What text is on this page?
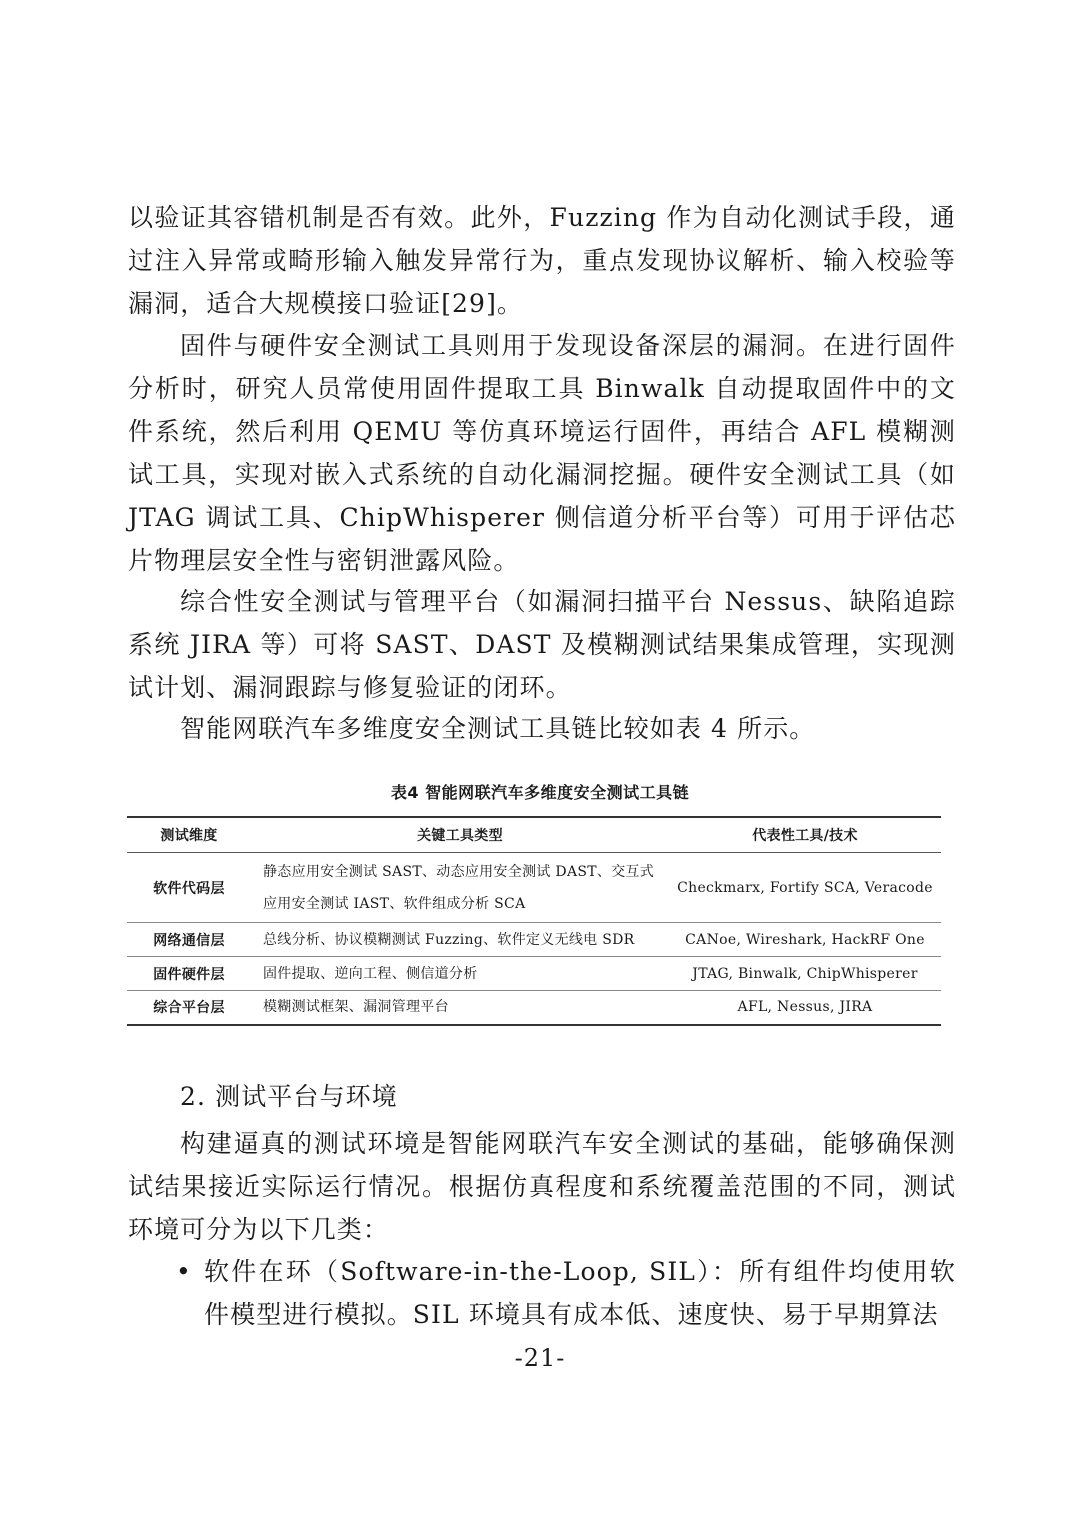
以验证其容错机制是否有效。此外，Fuzzing 作为自动化测试手段，通过注入异常或畸形输入触发异常行为，重点发现协议解析、输入校验等漏洞，适合大规模接口验证[29]。

固件与硬件安全测试工具则用于发现设备深层的漏洞。在进行固件分析时，研究人员常使用固件提取工具 Binwalk 自动提取固件中的文件系统，然后利用 QEMU 等仿真环境运行固件，再结合 AFL 模糊测试工具，实现对嵌入式系统的自动化漏洞挖掘。硬件安全测试工具（如 JTAG 调试工具、ChipWhisperer 侧信道分析平台等）可用于评估芯片物理层安全性与密钥泄露风险。

综合性安全测试与管理平台（如漏洞扫描平台 Nessus、缺陷追踪系统 JIRA 等）可将 SAST、DAST 及模糊测试结果集成管理，实现测试计划、漏洞跟踪与修复验证的闭环。

智能网联汽车多维度安全测试工具链比较如表 4 所示。

表4 智能网联汽车多维度安全测试工具链
测试维度	关键工具类型	代表性工具/技术
软件代码层	静态应用安全测试 SAST、动态应用安全测试 DAST、交互式应用安全测试 IAST、软件组成分析 SCA	Checkmarx, Fortify SCA, Veracode
网络通信层	总线分析、协议模糊测试 Fuzzing、软件定义无线电 SDR	CANoe, Wireshark, HackRF One
固件硬件层	固件提取、逆向工程、侧信道分析	JTAG, Binwalk, ChipWhisperer
综合平台层	模糊测试框架、漏洞管理平台	AFL, Nessus, JIRA
2. 测试平台与环境

构建逼真的测试环境是智能网联汽车安全测试的基础，能够确保测试结果接近实际运行情况。根据仿真程度和系统覆盖范围的不同，测试环境可分为以下几类：

• 软件在环（Software-in-the-Loop, SIL）：所有组件均使用软件模型进行模拟。SIL 环境具有成本低、速度快、易于早期算法
-21-
